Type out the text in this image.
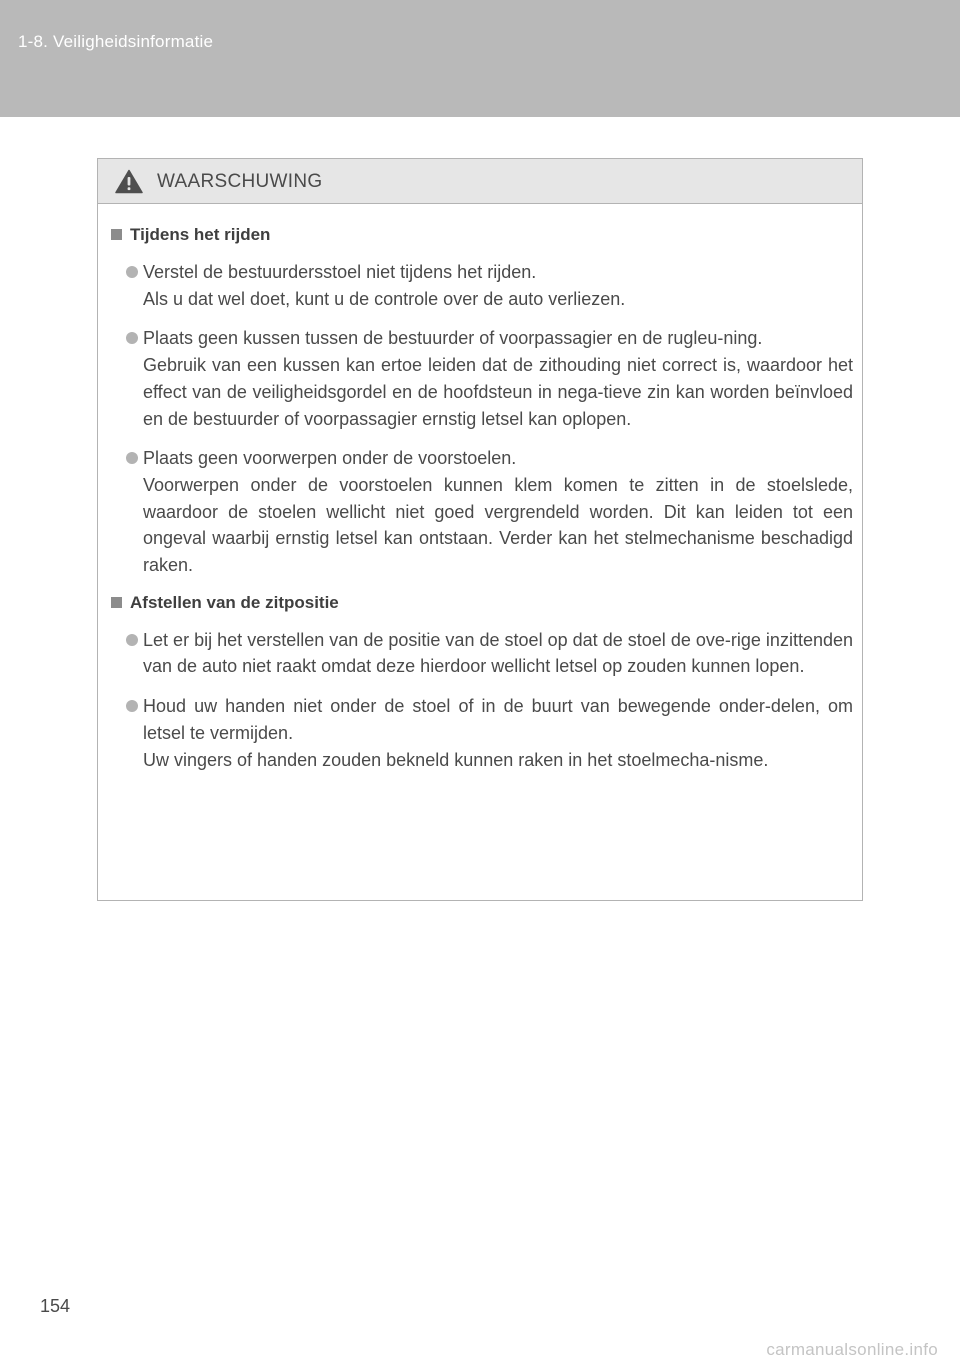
1-8. Veiligheidsinformatie
WAARSCHUWING
Tijdens het rijden

Verstel de bestuurdersstoel niet tijdens het rijden.

Als u dat wel doet, kunt u de controle over de auto verliezen.

Plaats geen kussen tussen de bestuurder of voorpassagier en de rugleu-ning.

Gebruik van een kussen kan ertoe leiden dat de zithouding niet correct is, waardoor het effect van de veiligheidsgordel en de hoofdsteun in nega-tieve zin kan worden beïnvloed en de bestuurder of voorpassagier ernstig letsel kan oplopen.

Plaats geen voorwerpen onder de voorstoelen.

Voorwerpen onder de voorstoelen kunnen klem komen te zitten in de stoelslede, waardoor de stoelen wellicht niet goed vergrendeld worden. Dit kan leiden tot een ongeval waarbij ernstig letsel kan ontstaan. Verder kan het stelmechanisme beschadigd raken.

Afstellen van de zitpositie

Let er bij het verstellen van de positie van de stoel op dat de stoel de ove-rige inzittenden van de auto niet raakt omdat deze hierdoor wellicht letsel op zouden kunnen lopen.

Houd uw handen niet onder de stoel of in de buurt van bewegende onder-delen, om letsel te vermijden.

Uw vingers of handen zouden bekneld kunnen raken in het stoelmecha-nisme.

154
carmanualsonline.info
